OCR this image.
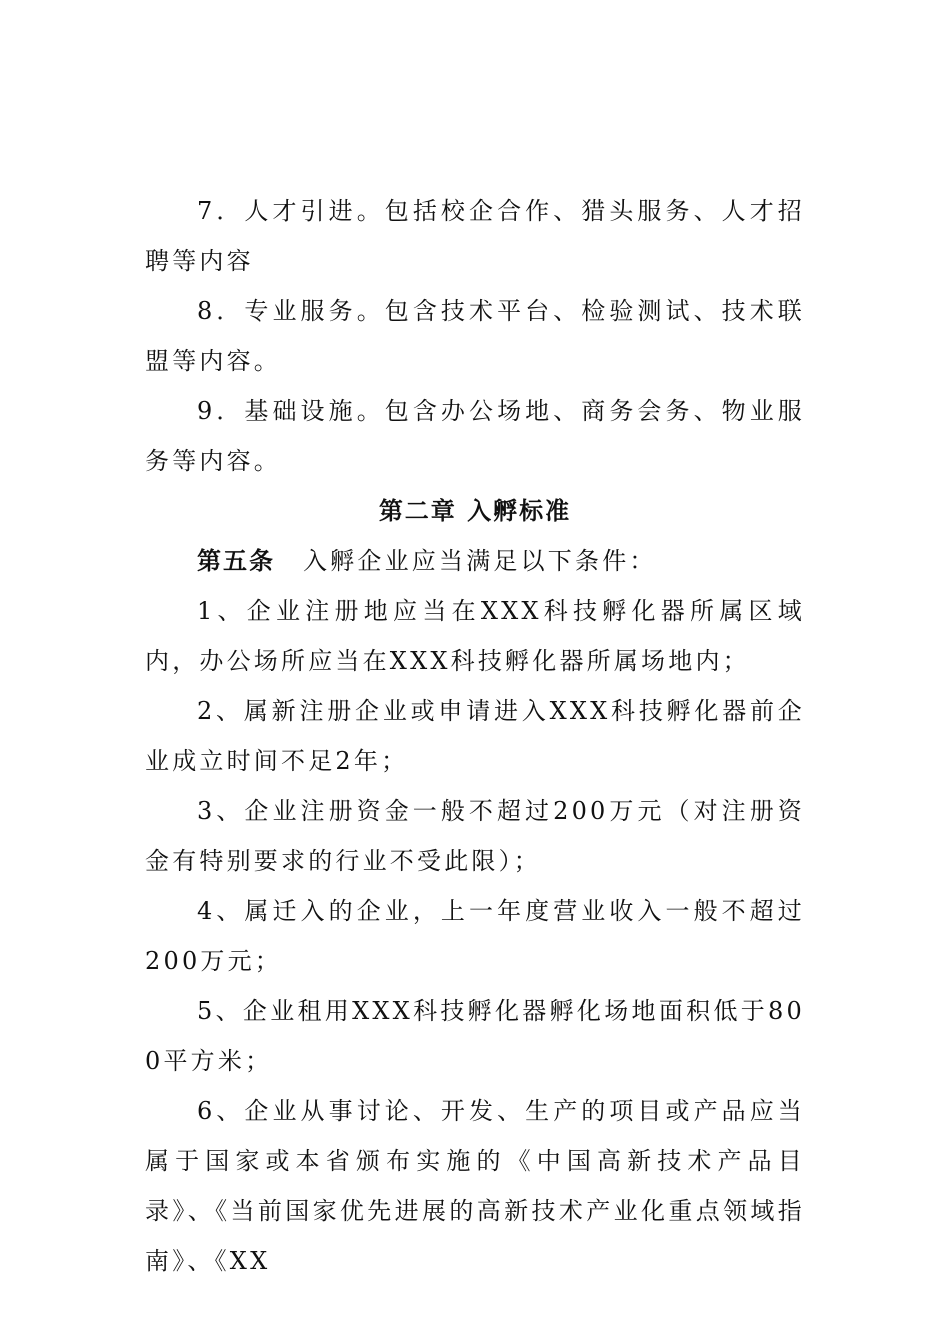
7．人才引进。包括校企合作、猎头服务、人才招聘等内容

8．专业服务。包含技术平台、检验测试、技术联盟等内容。

9．基础设施。包含办公场地、商务会务、物业服务等内容。

第二章 入孵标准

第五条 入孵企业应当满足以下条件：

1、企业注册地应当在XXX科技孵化器所属区域内，办公场所应当在XXX科技孵化器所属场地内；

2、属新注册企业或申请进入XXX科技孵化器前企业成立时间不足2年；

3、企业注册资金一般不超过200万元（对注册资金有特别要求的行业不受此限）；

4、属迁入的企业，上一年度营业收入一般不超过200万元；

5、企业租用XXX科技孵化器孵化场地面积低于800平方米；

6、企业从事讨论、开发、生产的项目或产品应当属于国家或本省颁布实施的《中国高新技术产品目录》、《当前国家优先进展的高新技术产业化重点领域指南》、《XX
